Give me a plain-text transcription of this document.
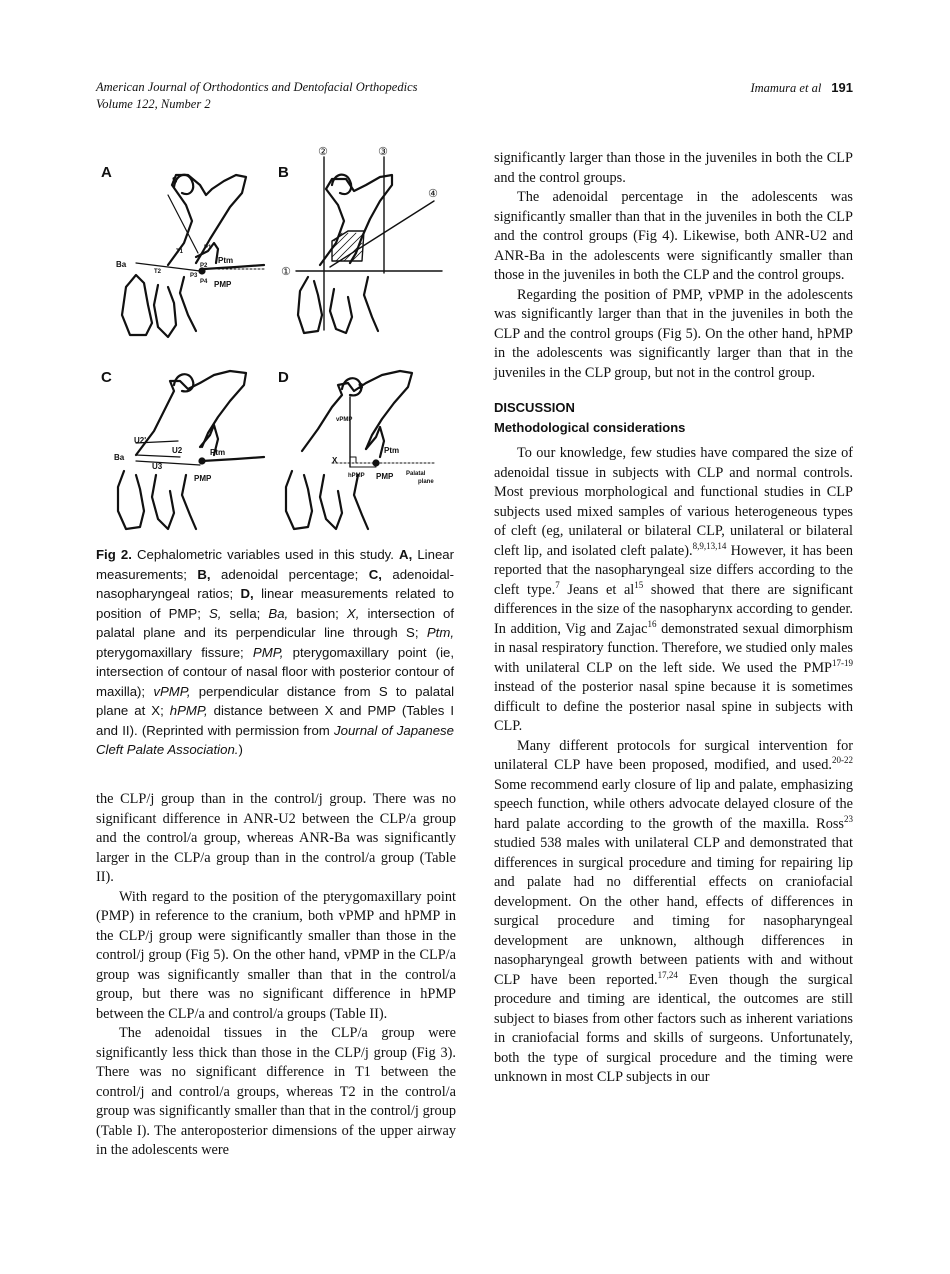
American Journal of Orthodontics and Dentofacial Orthopedics
Volume 122, Number 2
Imamura et al 191
A	S
Ba
T1
T2
P1
P2
P3
P4
Ptm
PMP
B
②	③
④
①
C
U2'
U2
U3
Ba
Ptm
PMP
D
S
vPMP
Ptm
X
hPMP PMP Palatal
plane
Fig 2. Cephalometric variables used in this study. A, Linear measurements; B, adenoidal percentage; C, adenoidal-nasopharyngeal ratios; D, linear measurements related to position of PMP; S, sella; Ba, basion; X, intersection of palatal plane and its perpendicular line through S; Ptm, pterygomaxillary fissure; PMP, pterygomaxillary point (ie, intersection of contour of nasal floor with posterior contour of maxilla); vPMP, perpendicular distance from S to palatal plane at X; hPMP, distance between X and PMP (Tables I and II). (Reprinted with permission from Journal of Japanese Cleft Palate Association.)

the CLP/j group than in the control/j group. There was no significant difference in ANR-U2 between the CLP/a group and the control/a group, whereas ANR-Ba was significantly larger in the CLP/a group than in the control/a group (Table II).

With regard to the position of the pterygomaxillary point (PMP) in reference to the cranium, both vPMP and hPMP in the CLP/j group were significantly smaller than those in the control/j group (Fig 5). On the other hand, vPMP in the CLP/a group was significantly smaller than that in the control/a group, but there was no significant difference in hPMP between the CLP/a and control/a groups (Table II).

The adenoidal tissues in the CLP/a group were significantly less thick than those in the CLP/j group (Fig 3). There was no significant difference in T1 between the control/j and control/a groups, whereas T2 in the control/a group was significantly smaller than that in the control/j group (Table I). The anteroposterior dimensions of the upper airway in the adolescents were

significantly larger than those in the juveniles in both the CLP and the control groups.

The adenoidal percentage in the adolescents was significantly smaller than that in the juveniles in both the CLP and the control groups (Fig 4). Likewise, both ANR-U2 and ANR-Ba in the adolescents were significantly smaller than those in the juveniles in both the CLP and the control groups.

Regarding the position of PMP, vPMP in the adolescents was significantly larger than that in the juveniles in both the CLP and the control groups (Fig 5). On the other hand, hPMP in the adolescents was significantly larger than that in the juveniles in the CLP group, but not in the control group.

DISCUSSION
Methodological considerations

To our knowledge, few studies have compared the size of adenoidal tissue in subjects with CLP and normal controls. Most previous morphological and functional studies in CLP subjects used mixed samples of various heterogeneous types of cleft (eg, unilateral or bilateral CLP, unilateral or bilateral cleft lip, and isolated cleft palate).$^{8,9,13,14}$ However, it has been reported that the nasopharyngeal size differs according to the cleft type.$^7$ Jeans et $al^{15}$ showed that there are significant differences in the size of the nasopharynx according to gender. In addition, Vig and Zajac$^{16}$ demonstrated sexual dimorphism in nasal respiratory function. Therefore, we studied only males with unilateral CLP on the left side. We used the PMP$^{17-19}$ instead of the posterior nasal spine because it is sometimes difficult to define the posterior nasal spine in subjects with CLP.

Many different protocols for surgical intervention for unilateral CLP have been proposed, modified, and used.$^{20-22}$ Some recommend early closure of lip and palate, emphasizing speech function, while others advocate delayed closure of the hard palate according to the growth of the maxilla. Ross$^{23}$ studied 538 males with unilateral CLP and demonstrated that differences in surgical procedure and timing for repairing lip and palate had no differential effects on craniofacial development. On the other hand, effects of differences in surgical procedure and timing for nasopharyngeal development are unknown, although differences in nasopharyngeal growth between patients with and without CLP have been reported.$^{17,24}$ Even though the surgical procedure and timing are identical, the outcomes are still subject to biases from other factors such as inherent variations in craniofacial forms and skills of surgeons. Unfortunately, both the type of surgical procedure and the timing were unknown in most CLP subjects in our
